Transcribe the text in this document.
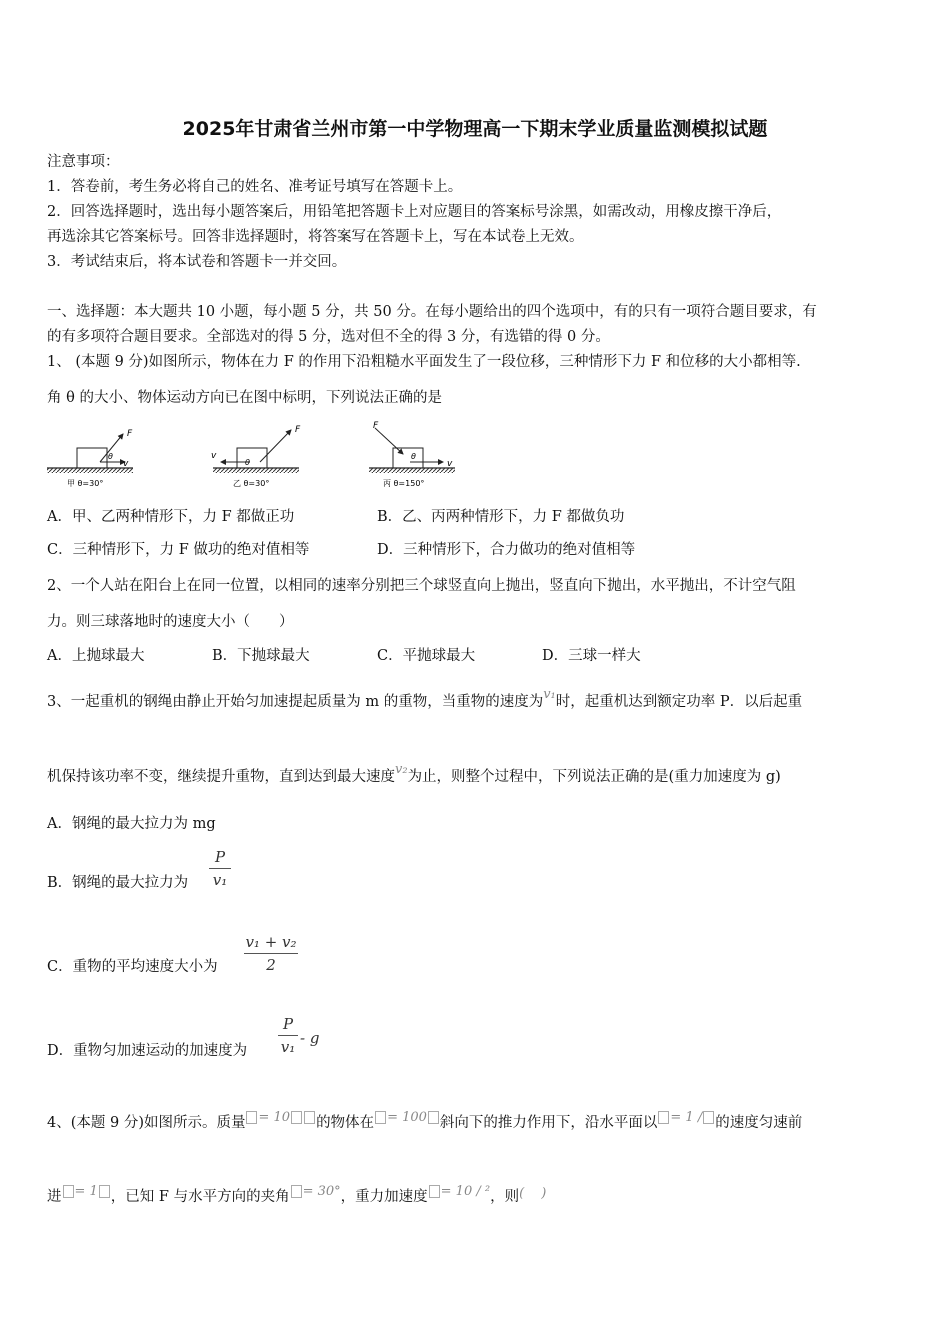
2025年甘肃省兰州市第一中学物理高一下期末学业质量监测模拟试题
注意事项：
1．答卷前，考生务必将自己的姓名、准考证号填写在答题卡上。
2．回答选择题时，选出每小题答案后，用铅笔把答题卡上对应题目的答案标号涂黑，如需改动，用橡皮擦干净后，
再选涂其它答案标号。回答非选择题时，将答案写在答题卡上，写在本试卷上无效。
3．考试结束后，将本试卷和答题卡一并交回。
一、选择题：本大题共 10 小题，每小题 5 分，共 50 分。在每小题给出的四个选项中，有的只有一项符合题目要求，有
的有多项符合题目要求。全部选对的得 5 分，选对但不全的得 3 分，有选错的得 0 分。
1、 (本题 9 分)如图所示，物体在力 F 的作用下沿粗糙水平面发生了一段位移，三种情形下力 F 和位移的大小都相等.
角 θ 的大小、物体运动方向已在图中标明，下列说法正确的是
F
v
θ
甲 θ=30°
F
v
θ
乙 θ=30°
F
v
θ
丙 θ=150°
A．甲、乙两种情形下，力 F 都做正功	B．乙、丙两种情形下，力 F 都做负功
C．三种情形下，力 F 做功的绝对值相等	D．三种情形下，合力做功的绝对值相等
2、一个人站在阳台上在同一位置，以相同的速率分别把三个球竖直向上抛出，竖直向下抛出，水平抛出，不计空气阻
力。则三球落地时的速度大小（　　）
A．上抛球最大	B．下抛球最大	C．平抛球最大	D．三球一样大
3、一起重机的钢绳由静止开始匀加速提起质量为 m 的重物，当重物的速度为v₁时，起重机达到额定功率 P．以后起重
机保持该功率不变，继续提升重物，直到达到最大速度v₂为止，则整个过程中，下列说法正确的是(重力加速度为 g)
A．钢绳的最大拉力为 mg
B．钢绳的最大拉力为
P
v₁
C．重物的平均速度大小为
v₁ + v₂
2
D．重物匀加速运动的加速度为
P
v₁ - g
4、(本题 9 分)如图所示。质量 = 10 的物体在 = 100 斜向下的推力作用下，沿水平面以 = 1 / 的速度匀速前
进 = 1 ，已知 F 与水平方向的夹角 = 30°，重力加速度 = 10 / ²，则( 　)
